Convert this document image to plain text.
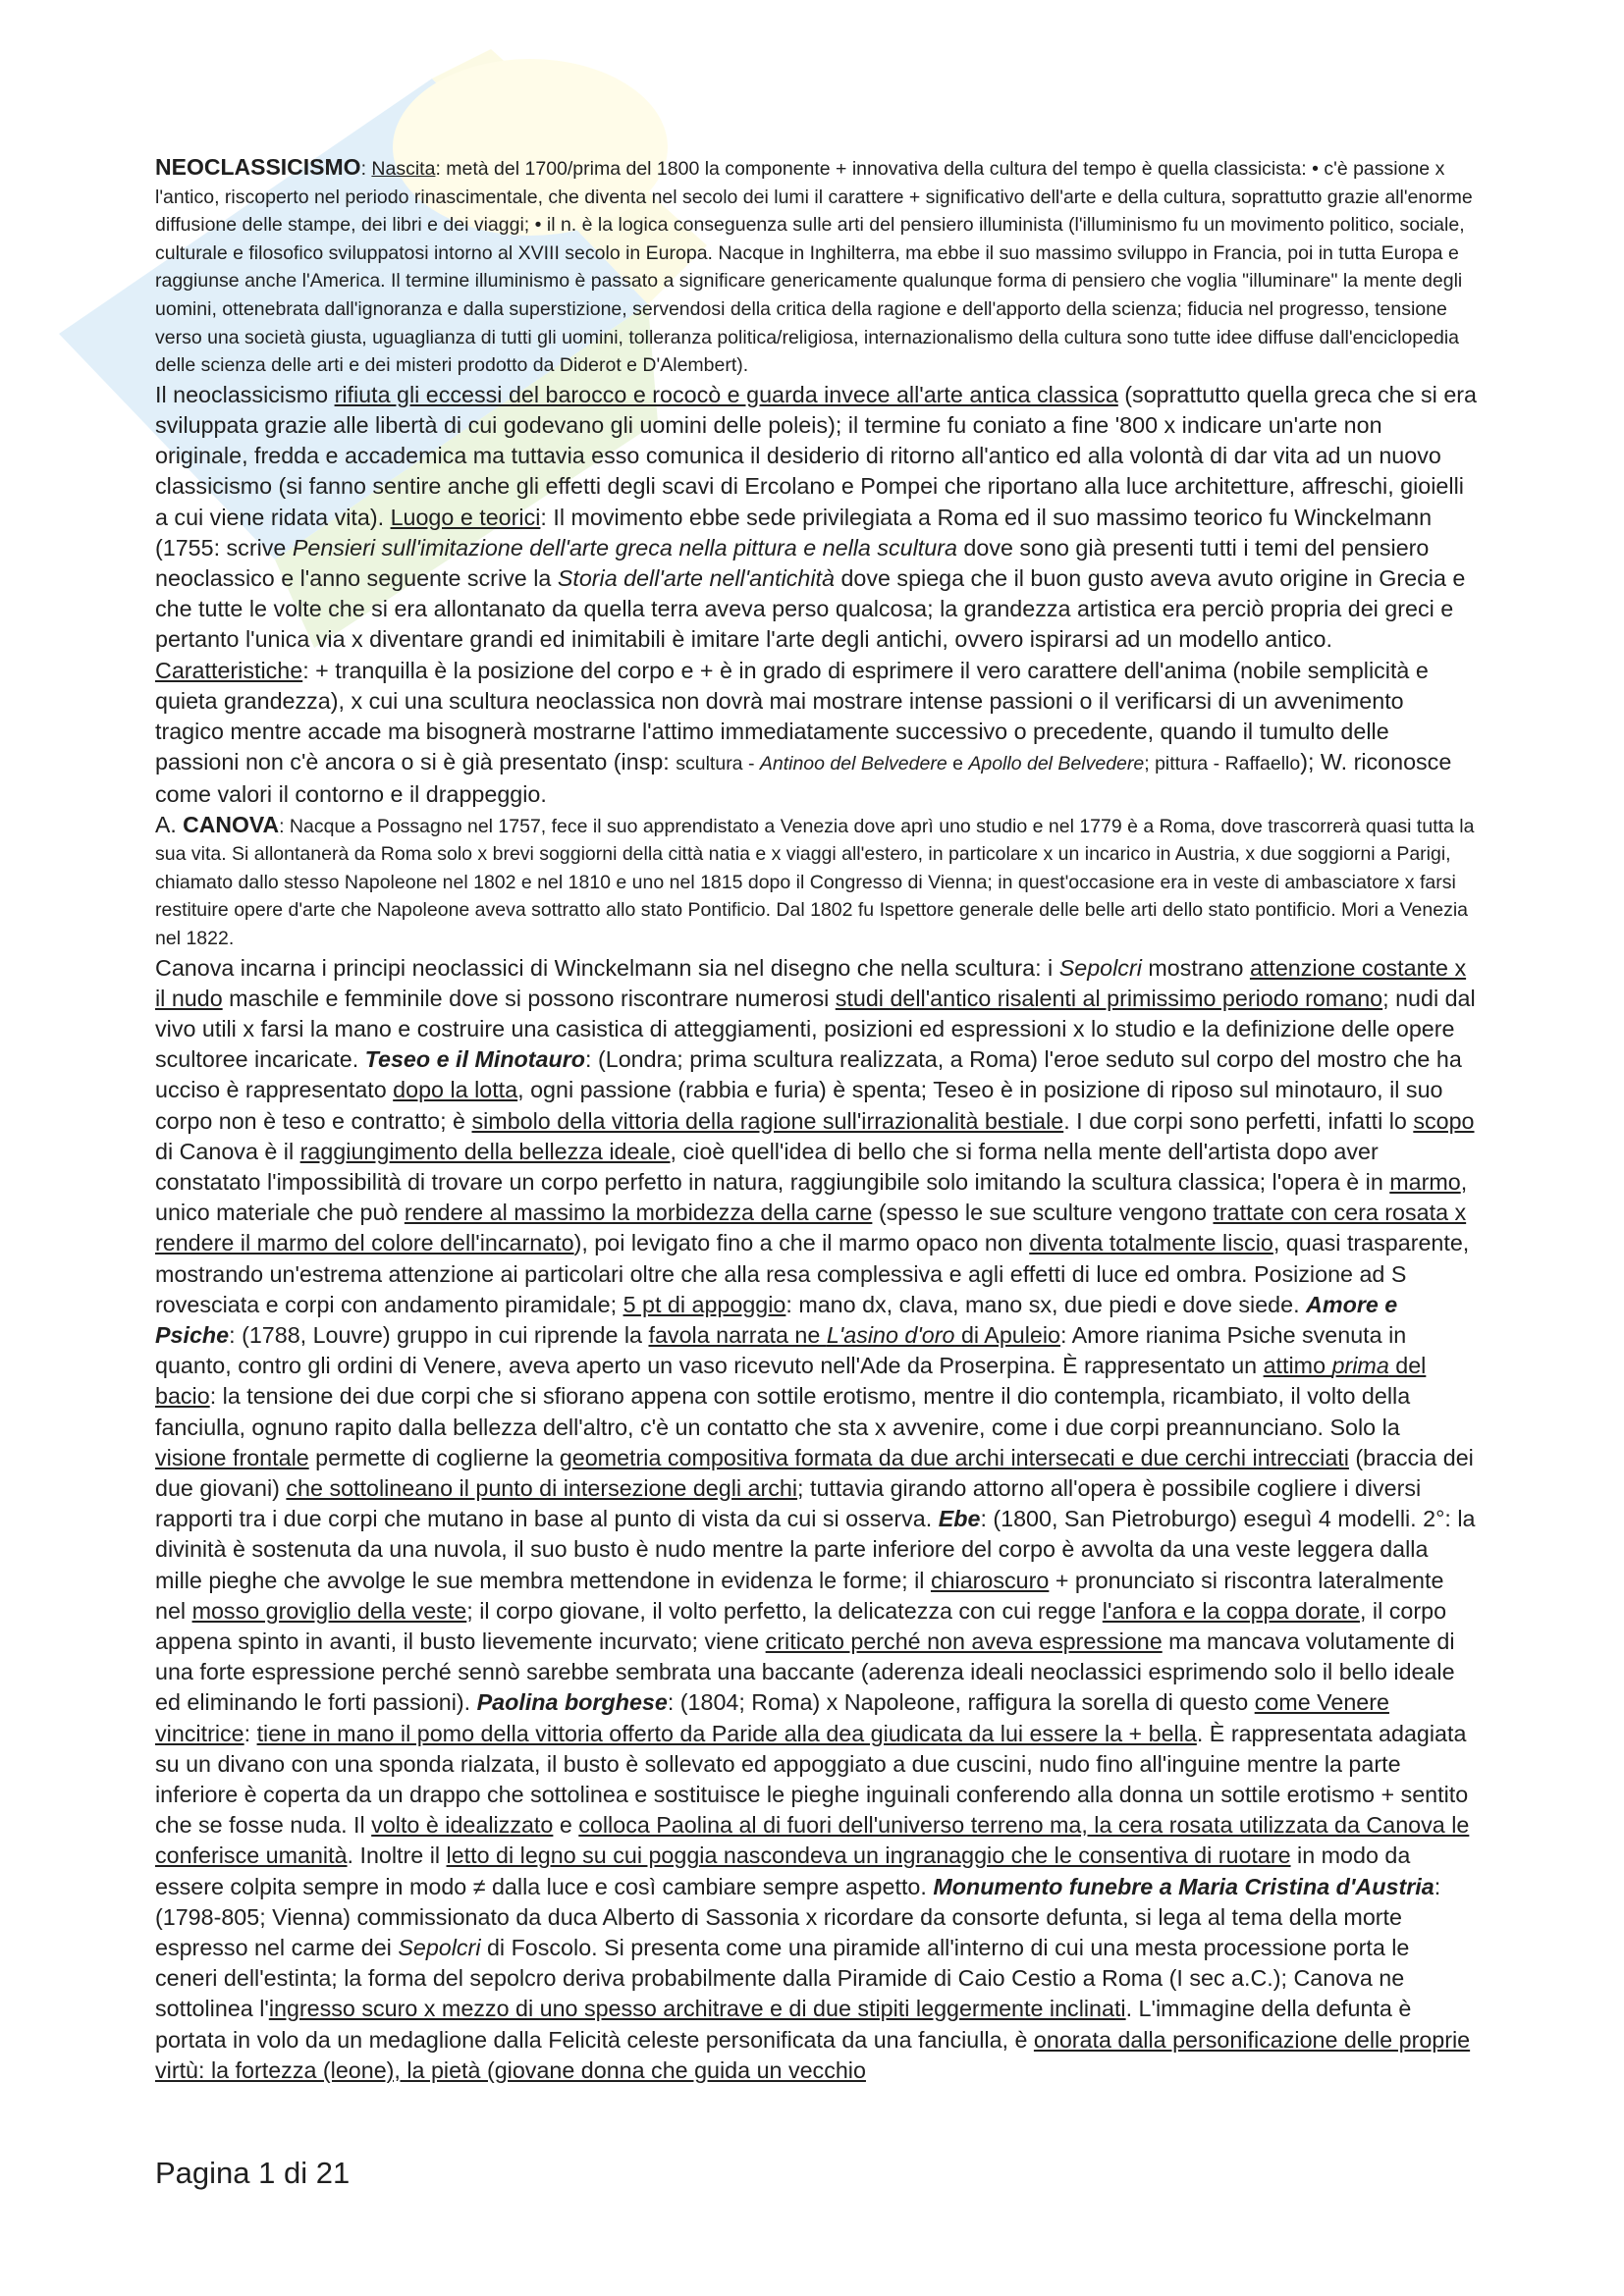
NEOCLASSICISMO: Nascita: metà del 1700/prima del 1800 la componente + innovativa della cultura del tempo è quella classicista: • c'è passione x l'antico, riscoperto nel periodo rinascimentale, che diventa nel secolo dei lumi il carattere + significativo dell'arte e della cultura, soprattutto grazie all'enorme diffusione delle stampe, dei libri e dei viaggi; • il n. è la logica conseguenza sulle arti del pensiero illuminista (l'illuminismo fu un movimento politico, sociale, culturale e filosofico sviluppatosi intorno al XVIII secolo in Europa. Nacque in Inghilterra, ma ebbe il suo massimo sviluppo in Francia, poi in tutta Europa e raggiunse anche l'America. Il termine illuminismo è passato a significare genericamente qualunque forma di pensiero che voglia "illuminare" la mente degli uomini, ottenebrata dall'ignoranza e dalla superstizione, servendosi della critica della ragione e dell'apporto della scienza; fiducia nel progresso, tensione verso una società giusta, uguaglianza di tutti gli uomini, tolleranza politica/religiosa, internazionalismo della cultura sono tutte idee diffuse dall'enciclopedia delle scienza delle arti e dei misteri prodotto da Diderot e D'Alembert).

Il neoclassicismo rifiuta gli eccessi del barocco e rococò e guarda invece all'arte antica classica (soprattutto quella greca che si era sviluppata grazie alle libertà di cui godevano gli uomini delle poleis); il termine fu coniato a fine '800 x indicare un'arte non originale, fredda e accademica ma tuttavia esso comunica il desiderio di ritorno all'antico ed alla volontà di dar vita ad un nuovo classicismo (si fanno sentire anche gli effetti degli scavi di Ercolano e Pompei che riportano alla luce architetture, affreschi, gioielli a cui viene ridata vita). Luogo e teorici: Il movimento ebbe sede privilegiata a Roma ed il suo massimo teorico fu Winckelmann (1755: scrive Pensieri sull'imitazione dell'arte greca nella pittura e nella scultura dove sono già presenti tutti i temi del pensiero neoclassico e l'anno seguente scrive la Storia dell'arte nell'antichità dove spiega che il buon gusto aveva avuto origine in Grecia e che tutte le volte che si era allontanato da quella terra aveva perso qualcosa; la grandezza artistica era perciò propria dei greci e pertanto l'unica via x diventare grandi ed inimitabili è imitare l'arte degli antichi, ovvero ispirarsi ad un modello antico. Caratteristiche: + tranquilla è la posizione del corpo e + è in grado di esprimere il vero carattere dell'anima (nobile semplicità e quieta grandezza), x cui una scultura neoclassica non dovrà mai mostrare intense passioni o il verificarsi di un avvenimento tragico mentre accade ma bisognerà mostrarne l'attimo immediatamente successivo o precedente, quando il tumulto delle passioni non c'è ancora o si è già presentato (insp: scultura - Antinoo del Belvedere e Apollo del Belvedere; pittura - Raffaello); W. riconosce come valori il contorno e il drappeggio.

A. CANOVA: Nacque a Possagno nel 1757, fece il suo apprendistato a Venezia dove aprì uno studio e nel 1779 è a Roma, dove trascorrerà quasi tutta la sua vita. Si allontanerà da Roma solo x brevi soggiorni della città natia e x viaggi all'estero, in particolare x un incarico in Austria, x due soggiorni a Parigi, chiamato dallo stesso Napoleone nel 1802 e nel 1810 e uno nel 1815 dopo il Congresso di Vienna; in quest'occasione era in veste di ambasciatore x farsi restituire opere d'arte che Napoleone aveva sottratto allo stato Pontificio. Dal 1802 fu Ispettore generale delle belle arti dello stato pontificio. Mori a Venezia nel 1822.

Canova incarna i principi neoclassici di Winckelmann sia nel disegno che nella scultura: i Sepolcri mostrano attenzione costante x il nudo maschile e femminile dove si possono riscontrare numerosi studi dell'antico risalenti al primissimo periodo romano; nudi dal vivo utili x farsi la mano e costruire una casistica di atteggiamenti, posizioni ed espressioni x lo studio e la definizione delle opere scultoree incaricate. Teseo e il Minotauro: (Londra; prima scultura realizzata, a Roma) l'eroe seduto sul corpo del mostro che ha ucciso è rappresentato dopo la lotta, ogni passione (rabbia e furia) è spenta; Teseo è in posizione di riposo sul minotauro, il suo corpo non è teso e contratto; è simbolo della vittoria della ragione sull'irrazionalità bestiale. I due corpi sono perfetti, infatti lo scopo di Canova è il raggiungimento della bellezza ideale, cioè quell'idea di bello che si forma nella mente dell'artista dopo aver constatato l'impossibilità di trovare un corpo perfetto in natura, raggiungibile solo imitando la scultura classica; l'opera è in marmo, unico materiale che può rendere al massimo la morbidezza della carne (spesso le sue sculture vengono trattate con cera rosata x rendere il marmo del colore dell'incarnato), poi levigato fino a che il marmo opaco non diventa totalmente liscio, quasi trasparente, mostrando un'estrema attenzione ai particolari oltre che alla resa complessiva e agli effetti di luce ed ombra. Posizione ad S rovesciata e corpi con andamento piramidale; 5 pt di appoggio: mano dx, clava, mano sx, due piedi e dove siede. Amore e Psiche: (1788, Louvre) gruppo in cui riprende la favola narrata ne L'asino d'oro di Apuleio: Amore rianima Psiche svenuta in quanto, contro gli ordini di Venere, aveva aperto un vaso ricevuto nell'Ade da Proserpina. È rappresentato un attimo prima del bacio: la tensione dei due corpi che si sfiorano appena con sottile erotismo, mentre il dio contempla, ricambiato, il volto della fanciulla, ognuno rapito dalla bellezza dell'altro, c'è un contatto che sta x avvenire, come i due corpi preannunciano. Solo la visione frontale permette di coglierne la geometria compositiva formata da due archi intersecati e due cerchi intrecciati (braccia dei due giovani) che sottolineano il punto di intersezione degli archi; tuttavia girando attorno all'opera è possibile cogliere i diversi rapporti tra i due corpi che mutano in base al punto di vista da cui si osserva. Ebe: (1800, San Pietroburgo) eseguì 4 modelli. 2°: la divinità è sostenuta da una nuvola, il suo busto è nudo mentre la parte inferiore del corpo è avvolta da una veste leggera dalla mille pieghe che avvolge le sue membra mettendone in evidenza le forme; il chiaroscuro + pronunciato si riscontra lateralmente nel mosso groviglio della veste; il corpo giovane, il volto perfetto, la delicatezza con cui regge l'anfora e la coppa dorate, il corpo appena spinto in avanti, il busto lievemente incurvato; viene criticato perché non aveva espressione ma mancava volutamente di una forte espressione perché sennò sarebbe sembrata una baccante (aderenza ideali neoclassici esprimendo solo il bello ideale ed eliminando le forti passioni). Paolina borghese: (1804; Roma) x Napoleone, raffigura la sorella di questo come Venere vincitrice: tiene in mano il pomo della vittoria offerto da Paride alla dea giudicata da lui essere la + bella. È rappresentata adagiata su un divano con una sponda rialzata, il busto è sollevato ed appoggiato a due cuscini, nudo fino all'inguine mentre la parte inferiore è coperta da un drappo che sottolinea e sostituisce le pieghe inguinali conferendo alla donna un sottile erotismo + sentito che se fosse nuda. Il volto è idealizzato e colloca Paolina al di fuori dell'universo terreno ma, la cera rosata utilizzata da Canova le conferisce umanità. Inoltre il letto di legno su cui poggia nascondeva un ingranaggio che le consentiva di ruotare in modo da essere colpita sempre in modo ≠ dalla luce e così cambiare sempre aspetto. Monumento funebre a Maria Cristina d'Austria: (1798-805; Vienna) commissionato da duca Alberto di Sassonia x ricordare da consorte defunta, si lega al tema della morte espresso nel carme dei Sepolcri di Foscolo. Si presenta come una piramide all'interno di cui una mesta processione porta le ceneri dell'estinta; la forma del sepolcro deriva probabilmente dalla Piramide di Caio Cestio a Roma (I sec a.C.); Canova ne sottolinea l'ingresso scuro x mezzo di uno spesso architrave e di due stipiti leggermente inclinati. L'immagine della defunta è portata in volo da un medaglione dalla Felicità celeste personificata da una fanciulla, è onorata dalla personificazione delle proprie virtù: la fortezza (leone), la pietà (giovane donna che guida un vecchio

Pagina 1 di 21
